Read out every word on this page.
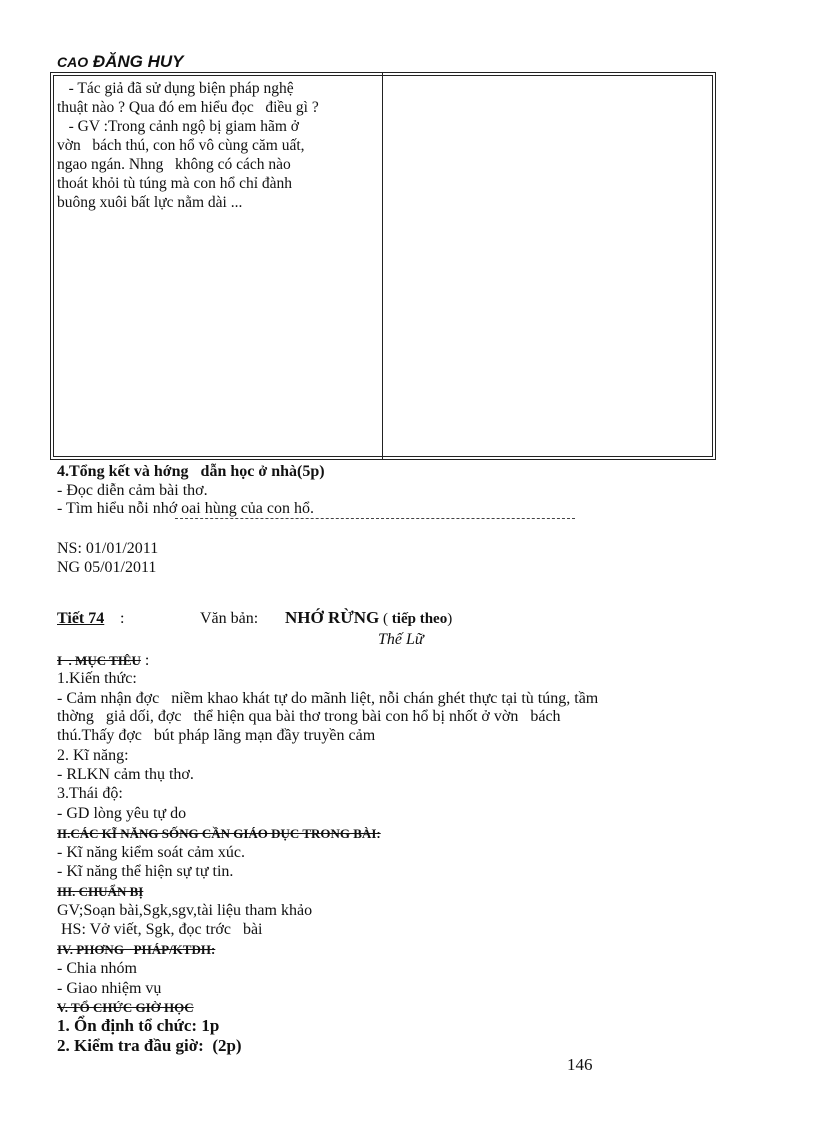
CAO ĐĂNG HUY

- Tác giả đã sử dụng biện pháp nghệ

thuật nào ? Qua đó em hiểu đọc   điều gì ?

- GV :Trong cảnh ngộ bị giam hãm ở

vờn   bách thú, con hổ vô cùng căm uất,

ngao ngán. Nhng   không có cách nào

thoát khỏi tù túng mà con hổ chỉ đành

buông xuôi bất lực nằm dài ...

4.Tổng kết và hớng   dẫn học ở nhà(5p)
- Đọc diễn cảm bài thơ.
- Tìm hiểu nỗi nhớ oai hùng của con hổ.
NS: 01/01/2011
NG 05/01/2011
Tiết 74 :	Văn bản: NHỚ RỪNG ( tiếp theo)
Thế Lữ
I  . MỤC TIÊU :
1.Kiến thức:
- Cảm nhận đợc   niềm khao khát tự do mãnh liệt, nỗi chán ghét thực tại tù túng, tầm
thờng   giả dối, đợc   thể hiện qua bài thơ trong bài con hổ bị nhốt ở vờn   bách
thú.Thấy đợc   bút pháp lãng mạn đầy truyền cảm
2. Kĩ năng:
- RLKN cảm thụ thơ.
3.Thái độ:
- GD lòng yêu tự do
II.CÁC KĨ NĂNG SỐNG CẦN GIÁO DỤC TRONG BÀI:
- Kĩ năng kiểm soát cảm xúc.
- Kĩ năng thể hiện sự tự tin.
III. CHUẨN BỊ
GV;Soạn bài,Sgk,sgv,tài liệu tham khảo
HS: Vở viết, Sgk, đọc trớc   bài
IV. PHƠNG   PHÁP/KTDH:
- Chia nhóm
- Giao nhiệm vụ
V. TỔ CHỨC GIỜ HỌC
1. Ổn định tổ chức: 1p
2. Kiểm tra đầu giờ:  (2p)
146
